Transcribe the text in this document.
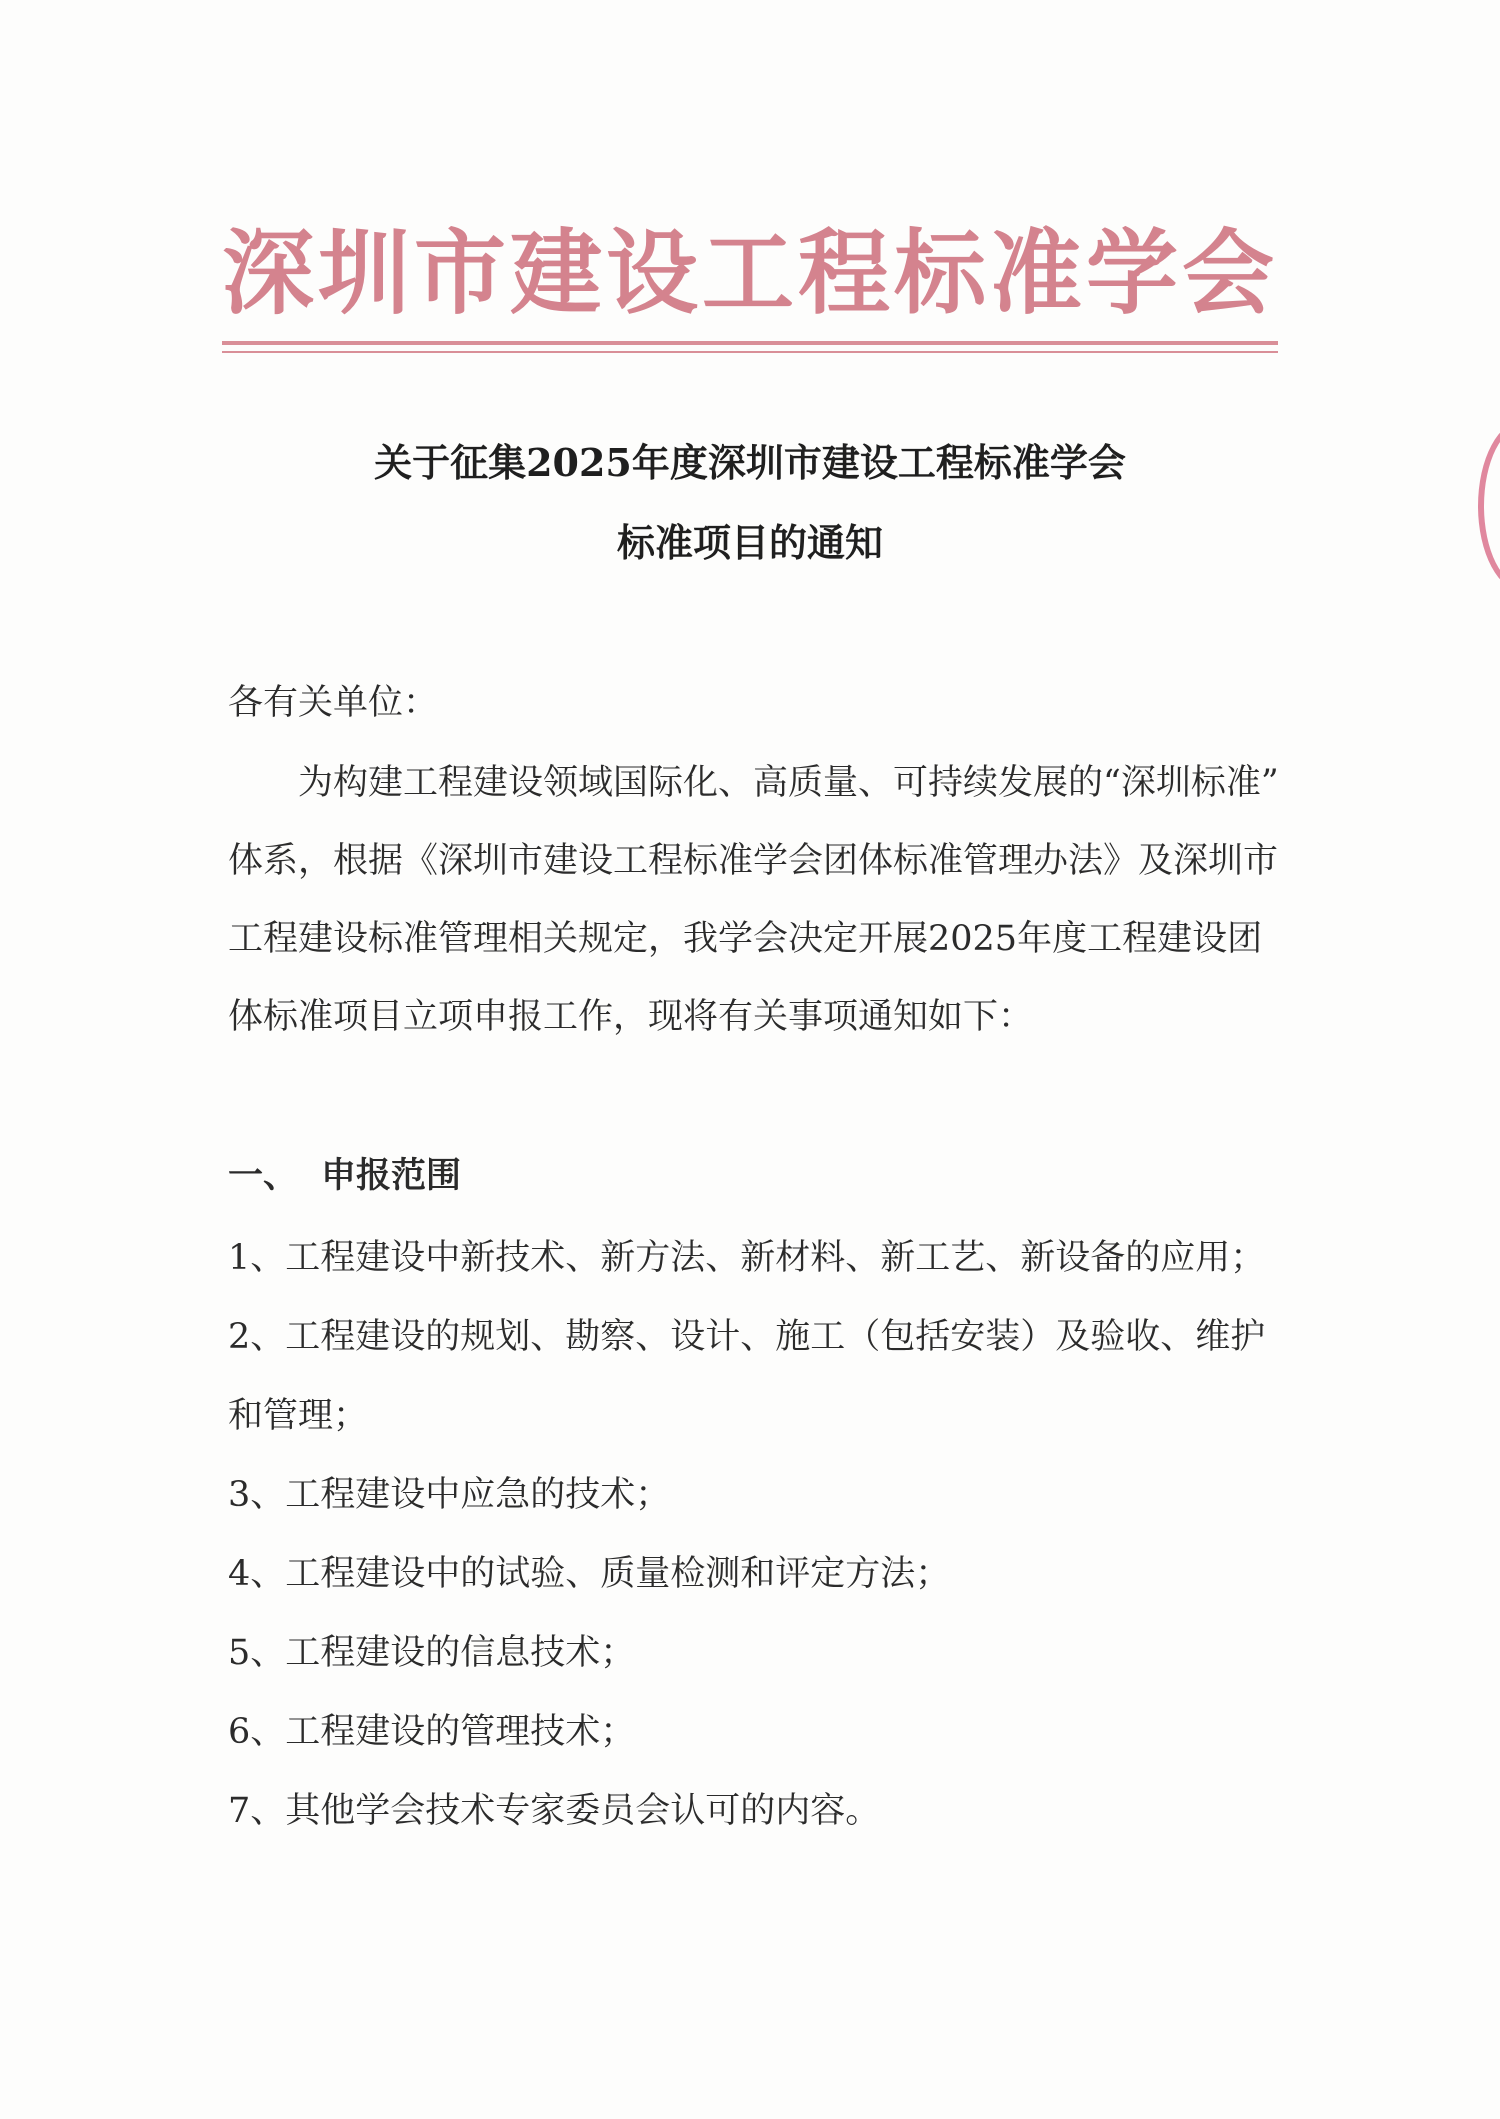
深圳市建设工程标准学会
关于征集2025年度深圳市建设工程标准学会
标准项目的通知
各有关单位：
　　为构建工程建设领域国际化、高质量、可持续发展的“深圳标准”
体系，根据《深圳市建设工程标准学会团体标准管理办法》及深圳市
工程建设标准管理相关规定，我学会决定开展2025年度工程建设团
体标准项目立项申报工作，现将有关事项通知如下：
一、 申报范围
1、工程建设中新技术、新方法、新材料、新工艺、新设备的应用；
2、工程建设的规划、勘察、设计、施工（包括安装）及验收、维护
和管理；
3、工程建设中应急的技术；
4、工程建设中的试验、质量检测和评定方法；
5、工程建设的信息技术；
6、工程建设的管理技术；
7、其他学会技术专家委员会认可的内容。
